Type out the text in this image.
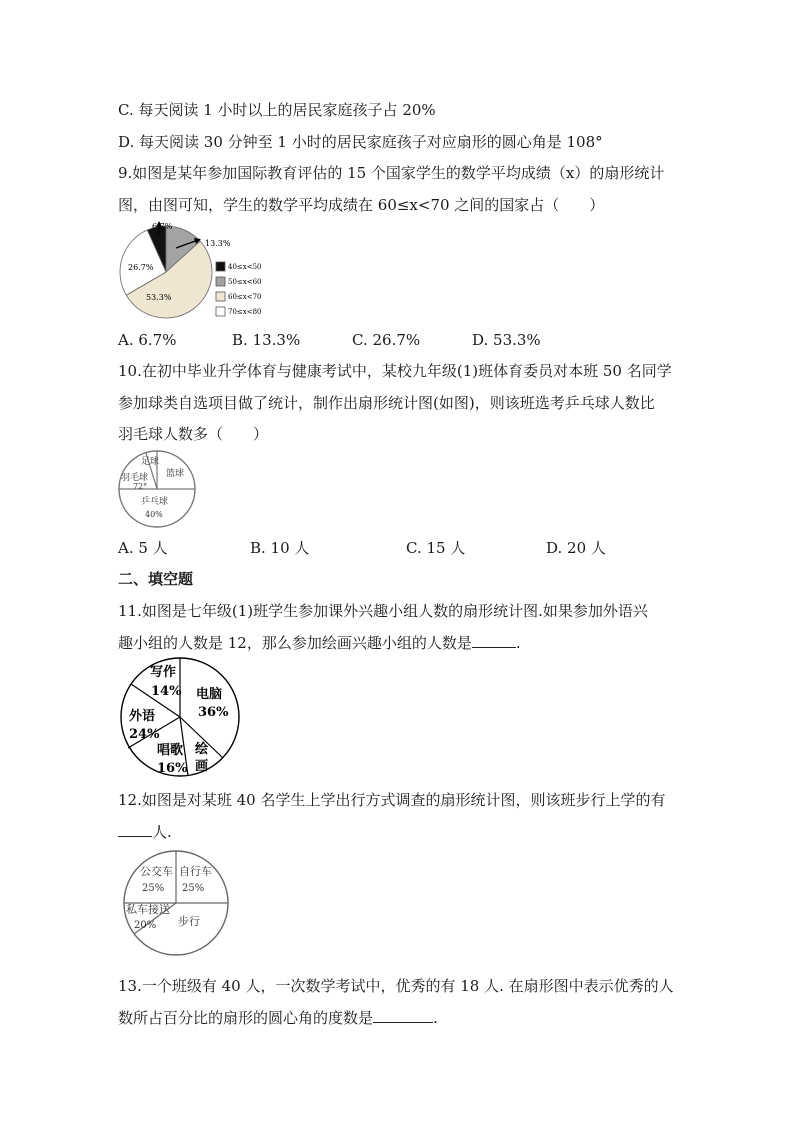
C. 每天阅读 1 小时以上的居民家庭孩子占 20%
D. 每天阅读 30 分钟至 1 小时的居民家庭孩子对应扇形的圆心角是 108°
9.如图是某年参加国际教育评估的 15 个国家学生的数学平均成绩（x）的扇形统计
图，由图可知，学生的数学平均成绩在 60≤x<70 之间的国家占（　　）
6.7%
13.3%
53.3%
26.7%	40≤x<50
50≤x<60
60≤x<70
70≤x<80
A. 6.7%	B. 13.3%	C. 26.7%	D. 53.3%
10.在初中毕业升学体育与健康考试中，某校九年级(1)班体育委员对本班 50 名同学
参加球类自选项目做了统计，制作出扇形统计图(如图)，则该班选考乒乓球人数比
羽毛球人数多（　　）
足球
篮球
乒乓球
40%
羽毛球
72°
A. 5 人	B. 10 人	C. 15 人	D. 20 人
二、填空题
11.如图是七年级(1)班学生参加课外兴趣小组人数的扇形统计图.如果参加外语兴
趣小组的人数是 12，那么参加绘画兴趣小组的人数是	.
电脑
36%
绘
画
唱歌
16%
外语
24%
写作
14%
12.如图是对某班 40 名学生上学出行方式调查的扇形统计图，则该班步行上学的有
人.
公交车
25%
自行车
25%
私车接送
20% 步行
13.一个班级有 40 人，一次数学考试中，优秀的有 18 人. 在扇形图中表示优秀的人
数所占百分比的扇形的圆心角的度数是	.
